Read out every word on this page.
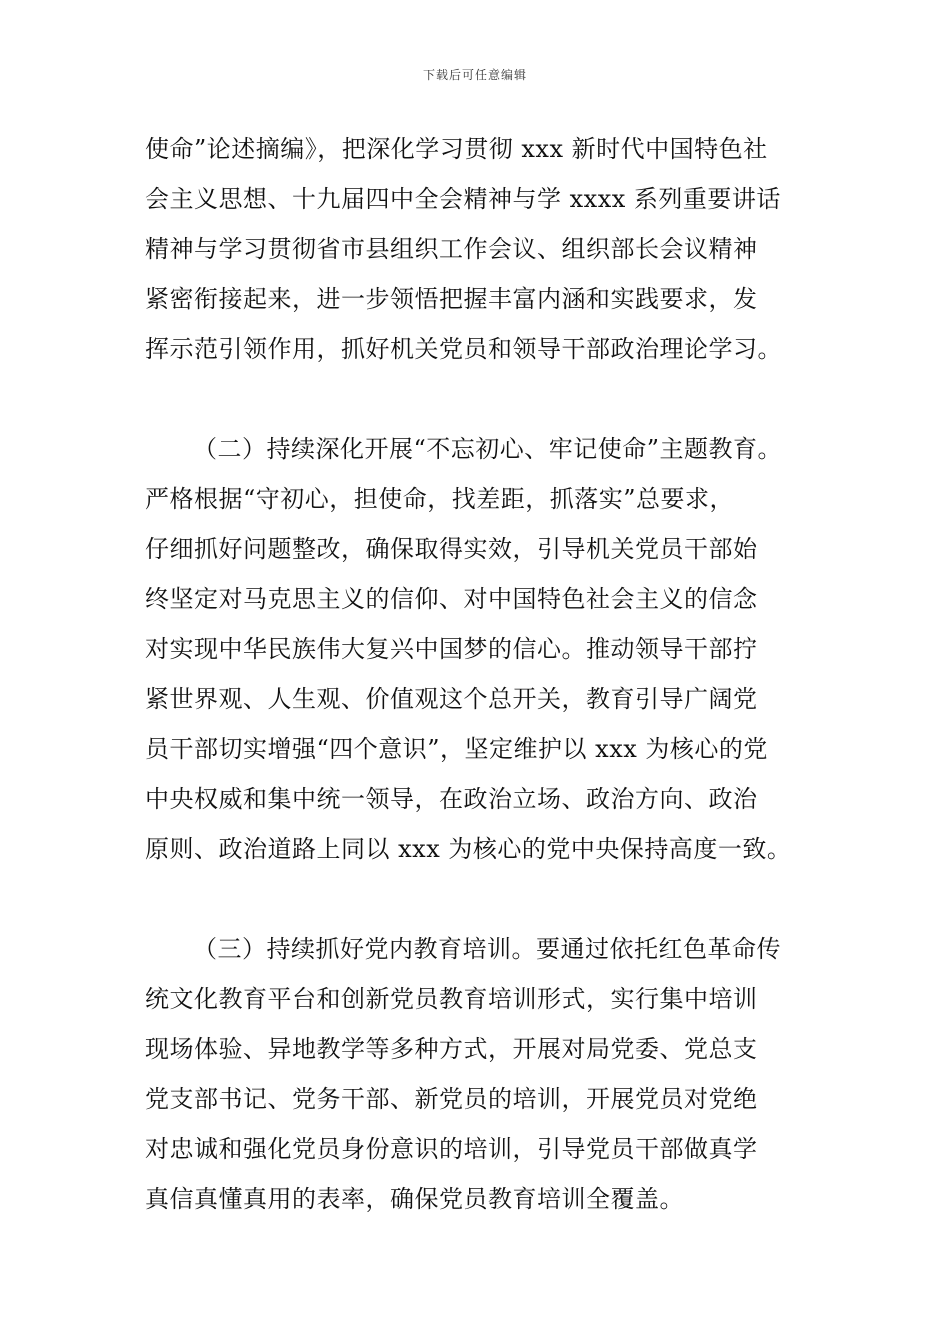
下载后可任意编辑
使命”论述摘编》，把深化学习贯彻 xxx 新时代中国特色社
会主义思想、十九届四中全会精神与学 xxxx 系列重要讲话
精神与学习贯彻省市县组织工作会议、组织部长会议精神
紧密衔接起来，进一步领悟把握丰富内涵和实践要求，发
挥示范引领作用，抓好机关党员和领导干部政治理论学习。
（二）持续深化开展“不忘初心、牢记使命”主题教育。
严格根据“守初心，担使命，找差距，抓落实”总要求，
仔细抓好问题整改，确保取得实效，引导机关党员干部始
终坚定对马克思主义的信仰、对中国特色社会主义的信念
对实现中华民族伟大复兴中国梦的信心。推动领导干部拧
紧世界观、人生观、价值观这个总开关，教育引导广阔党
员干部切实增强“四个意识”，坚定维护以 xxx 为核心的党
中央权威和集中统一领导，在政治立场、政治方向、政治
原则、政治道路上同以 xxx 为核心的党中央保持高度一致。
（三）持续抓好党内教育培训。要通过依托红色革命传
统文化教育平台和创新党员教育培训形式，实行集中培训
现场体验、异地教学等多种方式，开展对局党委、党总支
党支部书记、党务干部、新党员的培训，开展党员对党绝
对忠诚和强化党员身份意识的培训，引导党员干部做真学
真信真懂真用的表率，确保党员教育培训全覆盖。
